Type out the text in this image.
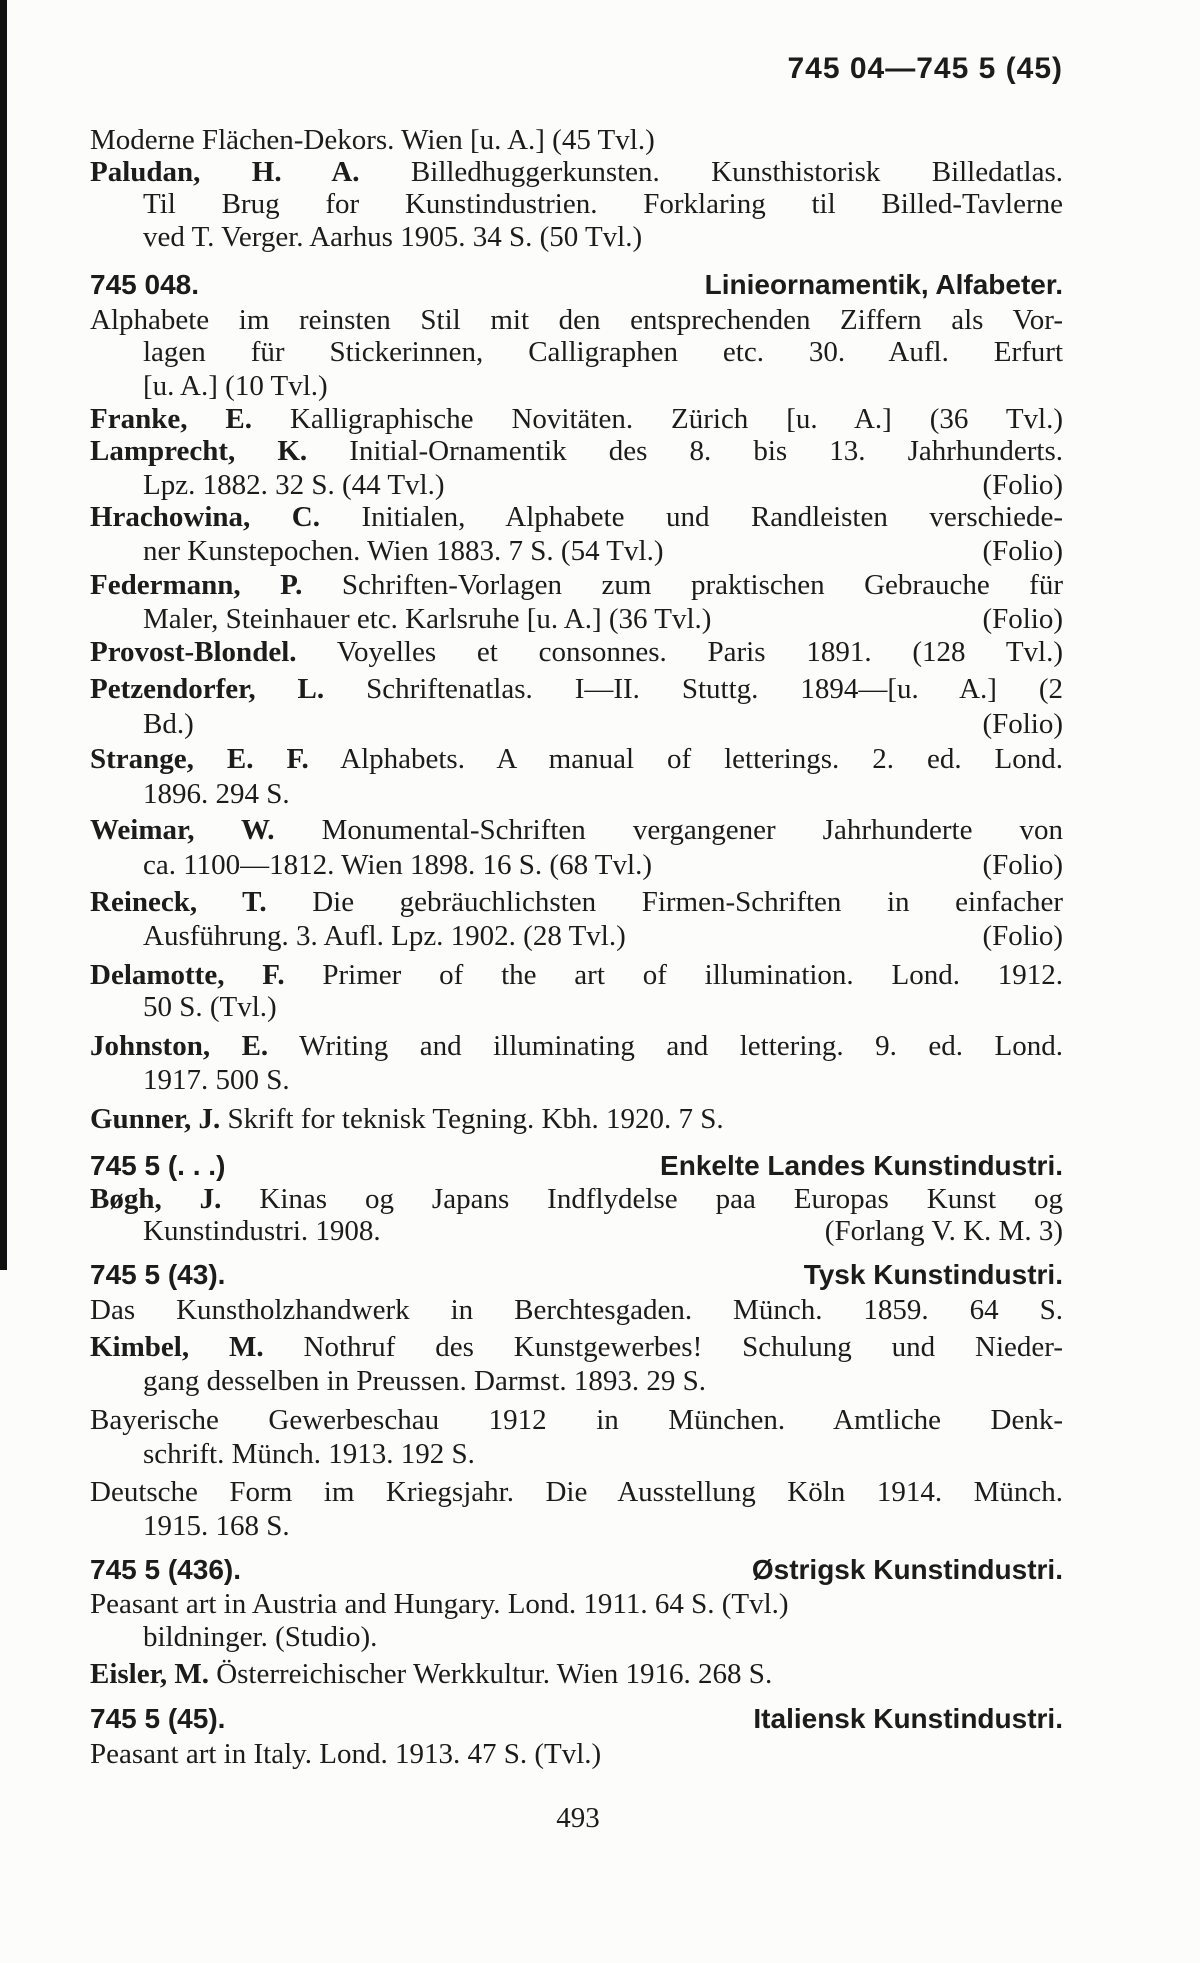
745 04—745 5 (45)
Moderne Flächen-Dekors. Wien [u. A.] (45 Tvl.)
Paludan, H. A. Billedhuggerkunsten. Kunsthistorisk Billedatlas.
Til Brug for Kunstindustrien. Forklaring til Billed-Tavlerne
ved T. Verger. Aarhus 1905. 34 S. (50 Tvl.)
745 048.	Linieornamentik, Alfabeter.
Alphabete im reinsten Stil mit den entsprechenden Ziffern als Vor-
lagen für Stickerinnen, Calligraphen etc. 30. Aufl. Erfurt
[u. A.] (10 Tvl.)
Franke, E. Kalligraphische Novitäten. Zürich [u. A.] (36 Tvl.)
Lamprecht, K. Initial-Ornamentik des 8. bis 13. Jahrhunderts.
Lpz. 1882. 32 S. (44 Tvl.)	(Folio)
Hrachowina, C. Initialen, Alphabete und Randleisten verschiede-
ner Kunstepochen. Wien 1883. 7 S. (54 Tvl.)	(Folio)
Federmann, P. Schriften-Vorlagen zum praktischen Gebrauche für
Maler, Steinhauer etc. Karlsruhe [u. A.] (36 Tvl.)	(Folio)
Provost-Blondel. Voyelles et consonnes. Paris 1891. (128 Tvl.)
Petzendorfer, L. Schriftenatlas. I—II. Stuttg. 1894—[u. A.] (2
Bd.)	(Folio)
Strange, E. F. Alphabets. A manual of letterings. 2. ed. Lond.
1896. 294 S.
Weimar, W. Monumental-Schriften vergangener Jahrhunderte von
ca. 1100—1812. Wien 1898. 16 S. (68 Tvl.)	(Folio)
Reineck, T. Die gebräuchlichsten Firmen-Schriften in einfacher
Ausführung. 3. Aufl. Lpz. 1902. (28 Tvl.)	(Folio)
Delamotte, F. Primer of the art of illumination. Lond. 1912.
50 S. (Tvl.)
Johnston, E. Writing and illuminating and lettering. 9. ed. Lond.
1917. 500 S.
Gunner, J. Skrift for teknisk Tegning. Kbh. 1920. 7 S.
745 5 (. . .)	Enkelte Landes Kunstindustri.
Bøgh, J. Kinas og Japans Indflydelse paa Europas Kunst og
Kunstindustri. 1908.	(Forlang V. K. M. 3)
745 5 (43).	Tysk Kunstindustri.
Das Kunstholzhandwerk in Berchtesgaden. Münch. 1859. 64 S.
Kimbel, M. Nothruf des Kunstgewerbes! Schulung und Nieder-
gang desselben in Preussen. Darmst. 1893. 29 S.
Bayerische Gewerbeschau 1912 in München. Amtliche Denk-
schrift. Münch. 1913. 192 S.
Deutsche Form im Kriegsjahr. Die Ausstellung Köln 1914. Münch.
1915. 168 S.
745 5 (436).	Østrigsk Kunstindustri.
Peasant art in Austria and Hungary. Lond. 1911. 64 S. (Tvl.)
bildninger. (Studio).
Eisler, M. Österreichischer Werkkultur. Wien 1916. 268 S.
745 5 (45).	Italiensk Kunstindustri.
Peasant art in Italy. Lond. 1913. 47 S. (Tvl.)
493
